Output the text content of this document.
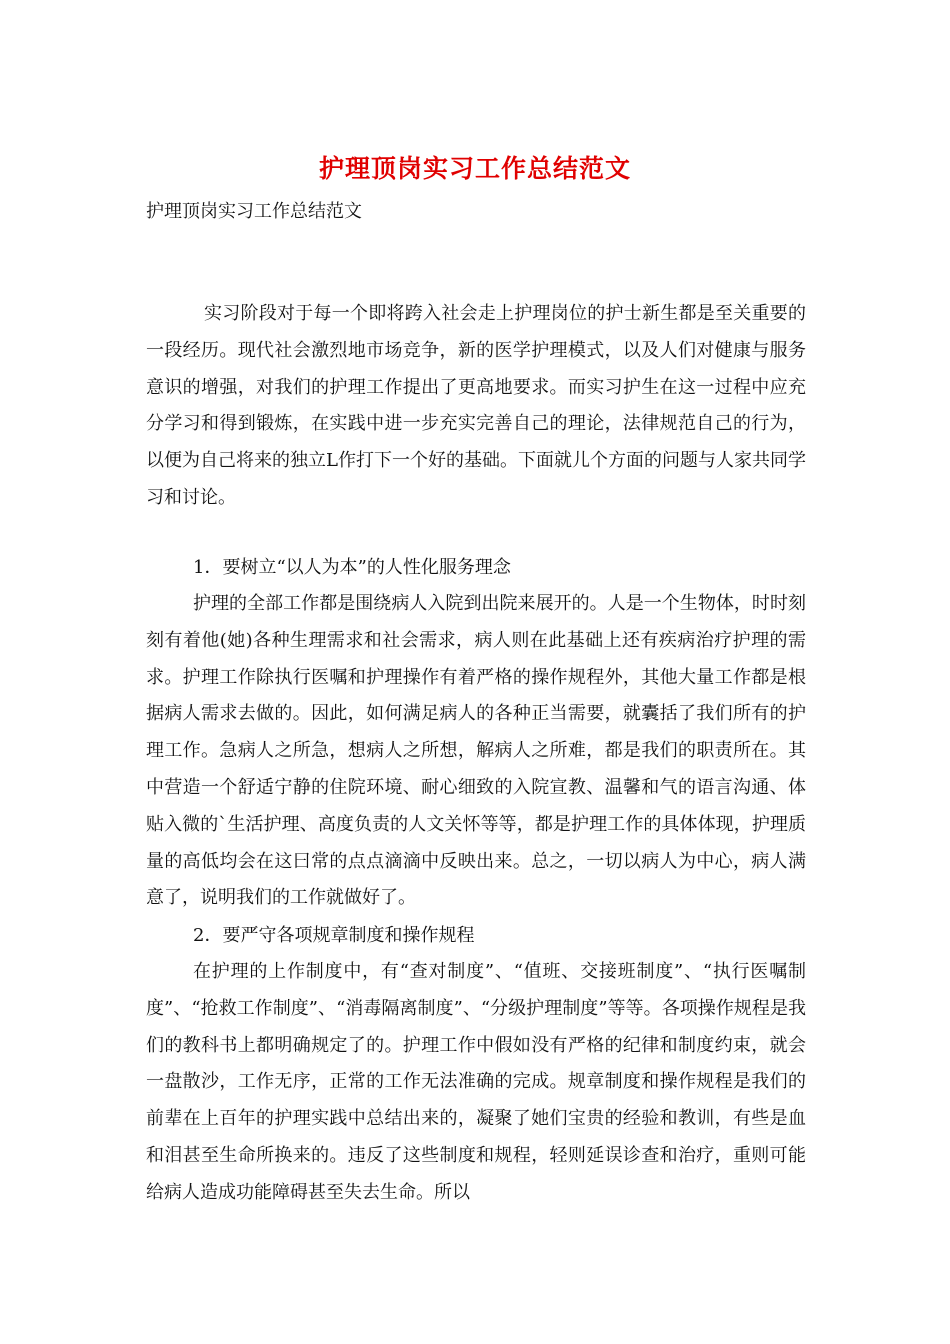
护理顶岗实习工作总结范文
护理顶岗实习工作总结范文

实习阶段对于每一个即将跨入社会走上护理岗位的护士新生都是至关重要的一段经历。现代社会激烈地市场竞争，新的医学护理模式，以及人们对健康与服务意识的增强，对我们的护理工作提出了更高地要求。而实习护生在这一过程中应充分学习和得到锻炼，在实践中进一步充实完善自己的理论，法律规范自己的行为，以便为自己将来的独立L作打下一个好的基础。下面就儿个方面的问题与人家共同学习和讨论。

1．要树立“以人为本”的人性化服务理念

护理的全部工作都是围绕病人入院到出院来展开的。人是一个生物体，时时刻刻有着他(她)各种生理需求和社会需求，病人则在此基础上还有疾病治疗护理的需求。护理工作除执行医嘱和护理操作有着严格的操作规程外，其他大量工作都是根据病人需求去做的。因此，如何满足病人的各种正当需要，就囊括了我们所有的护理工作。急病人之所急，想病人之所想，解病人之所难，都是我们的职责所在。其中营造一个舒适宁静的住院环境、耐心细致的入院宣教、温馨和气的语言沟通、体贴入微的`生活护理、高度负责的人文关怀等等，都是护理工作的具体体现，护理质量的高低均会在这曰常的点点滴滴中反映出来。总之，一切以病人为中心，病人满意了，说明我们的工作就做好了。

2．要严守各项规章制度和操作规程

在护理的上作制度中，有“查对制度”、“值班、交接班制度”、“执行医嘱制度”、“抢救工作制度”、“消毒隔离制度”、“分级护理制度”等等。各项操作规程是我们的教科书上都明确规定了的。护理工作中假如没有严格的纪律和制度约束，就会一盘散沙，工作无序，正常的工作无法准确的完成。规章制度和操作规程是我们的前辈在上百年的护理实践中总结出来的，凝聚了她们宝贵的经验和教训，有些是血和泪甚至生命所换来的。违反了这些制度和规程，轻则延误诊查和治疗，重则可能给病人造成功能障碍甚至失去生命。所以
